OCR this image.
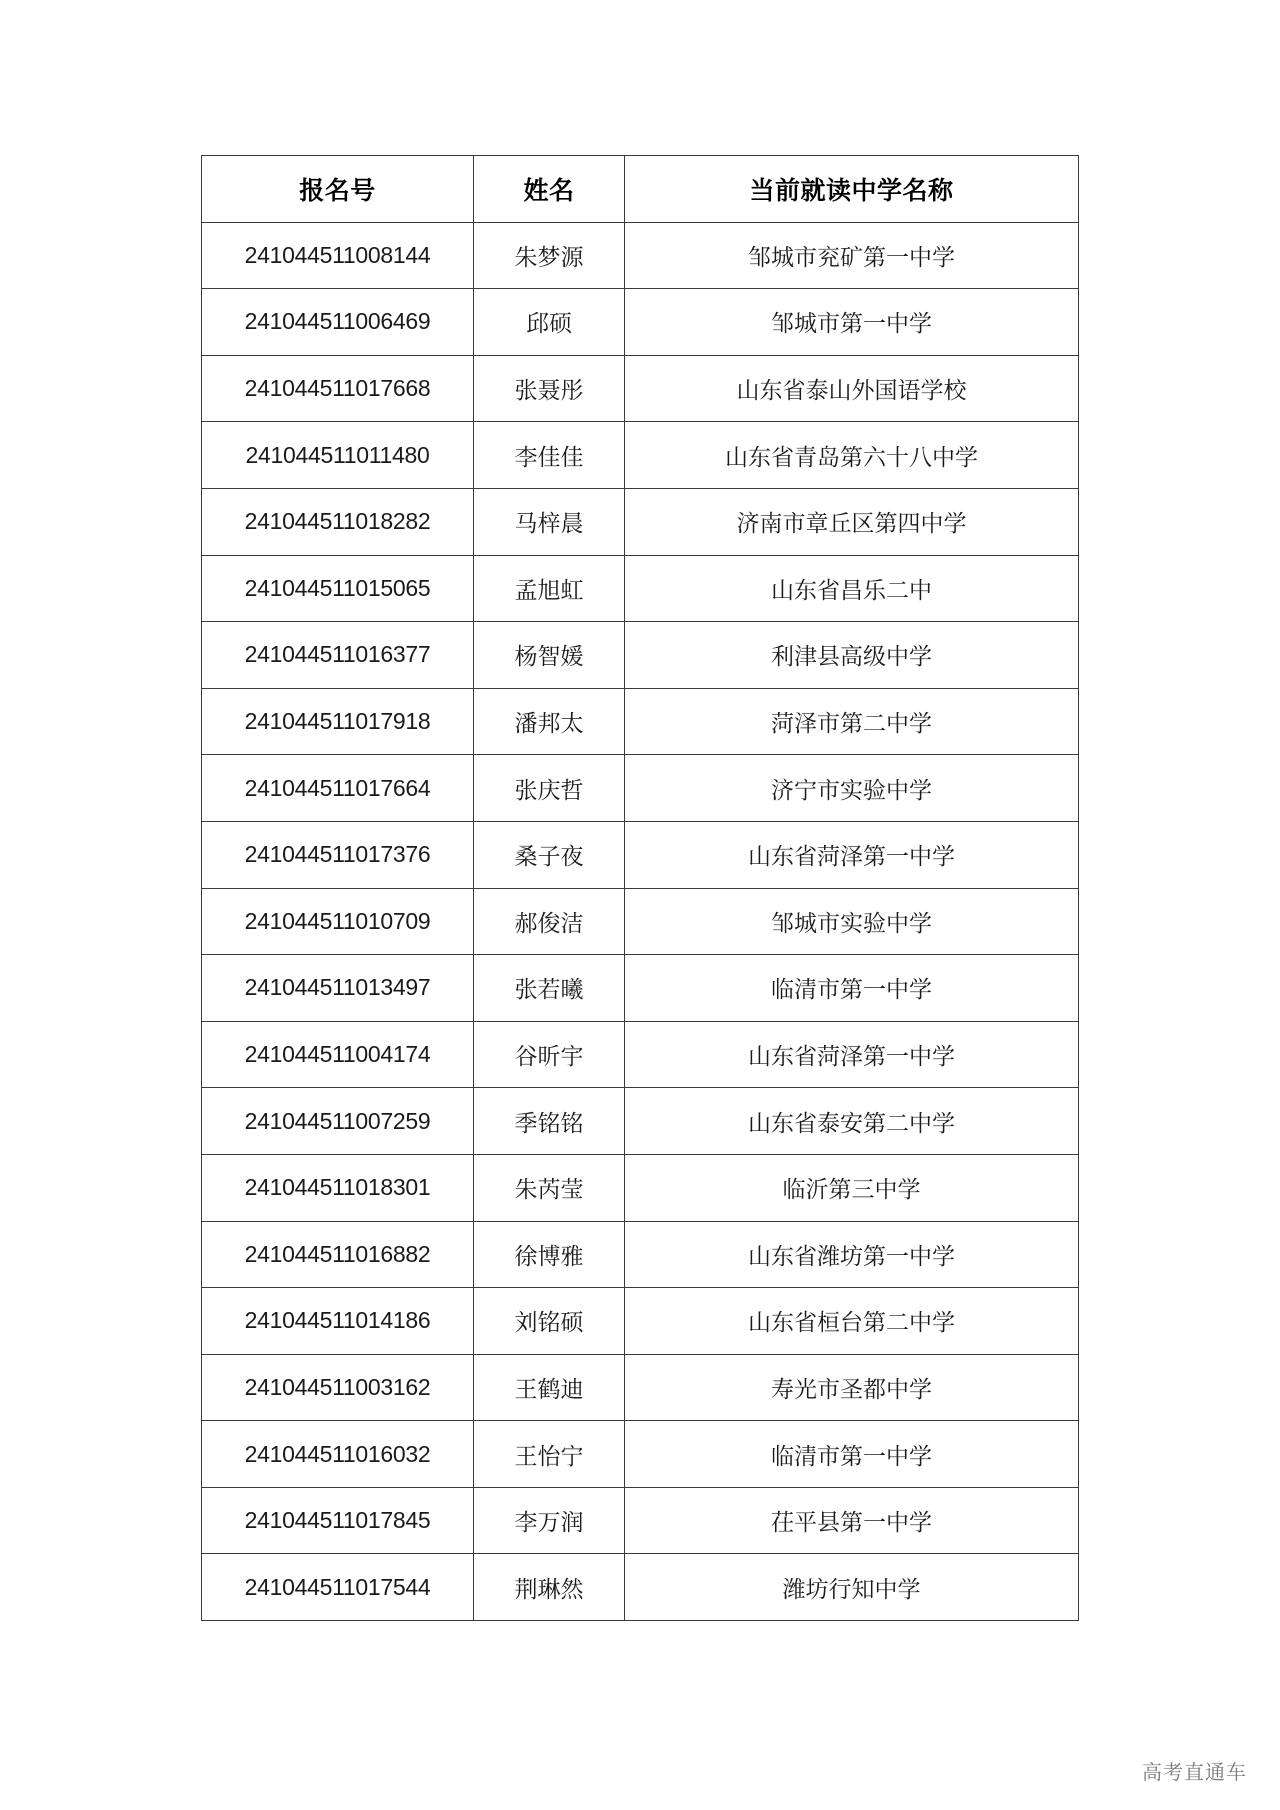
报名号	姓名	当前就读中学名称
241044511008144	朱梦源	邹城市兖矿第一中学
241044511006469	邱硕	邹城市第一中学
241044511017668	张聂彤	山东省泰山外国语学校
241044511011480	李佳佳	山东省青岛第六十八中学
241044511018282	马梓晨	济南市章丘区第四中学
241044511015065	孟旭虹	山东省昌乐二中
241044511016377	杨智媛	利津县高级中学
241044511017918	潘邦太	菏泽市第二中学
241044511017664	张庆哲	济宁市实验中学
241044511017376	桑子夜	山东省菏泽第一中学
241044511010709	郝俊洁	邹城市实验中学
241044511013497	张若曦	临清市第一中学
241044511004174	谷昕宇	山东省菏泽第一中学
241044511007259	季铭铭	山东省泰安第二中学
241044511018301	朱芮莹	临沂第三中学
241044511016882	徐博雅	山东省潍坊第一中学
241044511014186	刘铭硕	山东省桓台第二中学
241044511003162	王鹤迪	寿光市圣都中学
241044511016032	王怡宁	临清市第一中学
241044511017845	李万润	茌平县第一中学
241044511017544	荆琳然	潍坊行知中学
高考直通车
